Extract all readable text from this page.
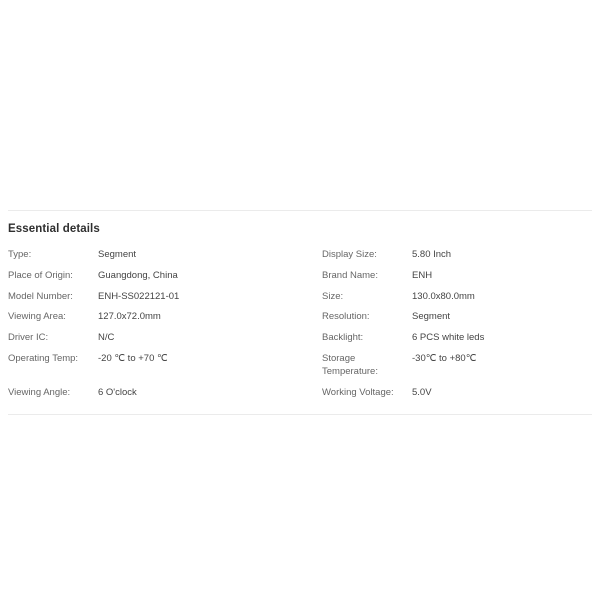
Essential details
Type:	Segment	Display Size:	5.80 Inch
Place of Origin:	Guangdong, China	Brand Name:	ENH
Model Number:	ENH-SS022121-01	Size:	130.0x80.0mm
Viewing Area:	127.0x72.0mm	Resolution:	Segment
Driver IC:	N/C	Backlight:	6 PCS white leds
Operating Temp:	-20 ℃ to +70 ℃	Storage Temperature:	-30℃ to +80℃
Viewing Angle:	6 O'clock	Working Voltage:	5.0V
